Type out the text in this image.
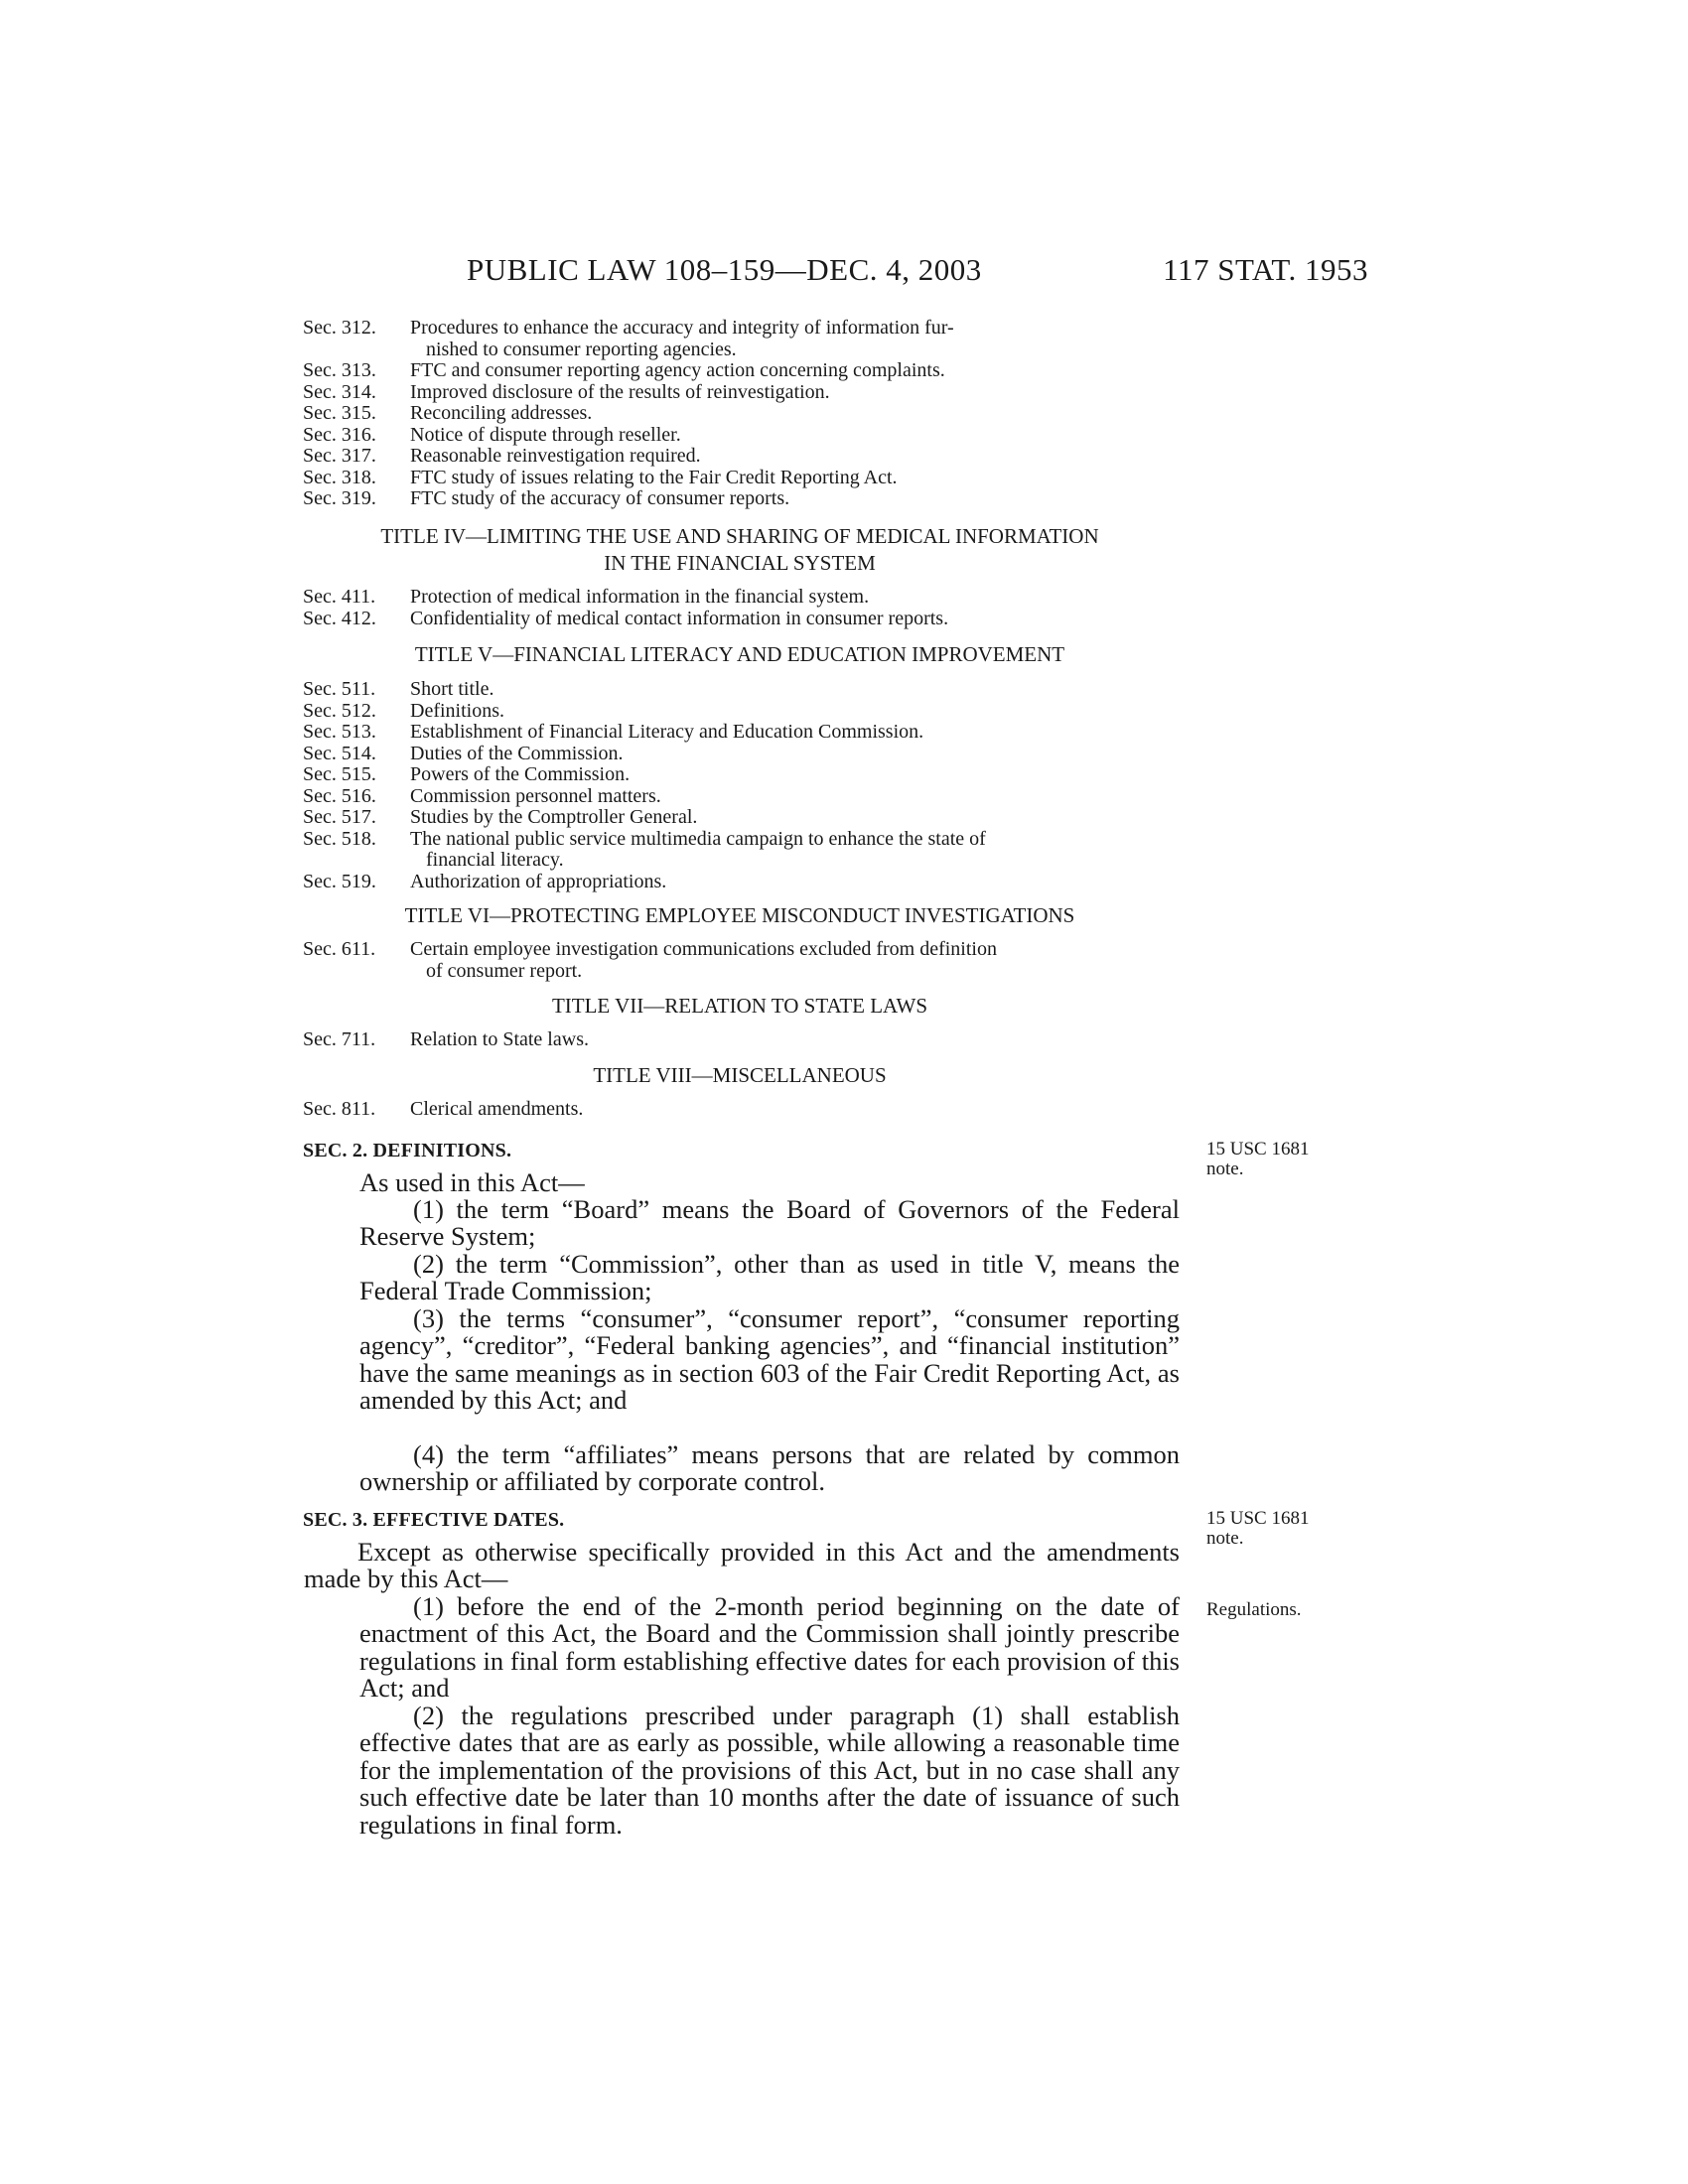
PUBLIC LAW 108–159—DEC. 4, 2003	117 STAT. 1953
Sec. 312.	Procedures to enhance the accuracy and integrity of information fur-
nished to consumer reporting agencies.
Sec. 313.	FTC and consumer reporting agency action concerning complaints.
Sec. 314.	Improved disclosure of the results of reinvestigation.
Sec. 315.	Reconciling addresses.
Sec. 316.	Notice of dispute through reseller.
Sec. 317.	Reasonable reinvestigation required.
Sec. 318.	FTC study of issues relating to the Fair Credit Reporting Act.
Sec. 319.	FTC study of the accuracy of consumer reports.
TITLE IV—LIMITING THE USE AND SHARING OF MEDICAL INFORMATION
IN THE FINANCIAL SYSTEM
Sec. 411.	Protection of medical information in the financial system.
Sec. 412.	Confidentiality of medical contact information in consumer reports.
TITLE V—FINANCIAL LITERACY AND EDUCATION IMPROVEMENT
Sec. 511.	Short title.
Sec. 512.	Definitions.
Sec. 513.	Establishment of Financial Literacy and Education Commission.
Sec. 514.	Duties of the Commission.
Sec. 515.	Powers of the Commission.
Sec. 516.	Commission personnel matters.
Sec. 517.	Studies by the Comptroller General.
Sec. 518.	The national public service multimedia campaign to enhance the state of
financial literacy.
Sec. 519.	Authorization of appropriations.
TITLE VI—PROTECTING EMPLOYEE MISCONDUCT INVESTIGATIONS
Sec. 611.	Certain employee investigation communications excluded from definition
of consumer report.
TITLE VII—RELATION TO STATE LAWS
Sec. 711.	Relation to State laws.
TITLE VIII—MISCELLANEOUS
Sec. 811.	Clerical amendments.
SEC. 2. DEFINITIONS.	15 USC 1681 note.
As used in this Act—
(1) the term “Board” means the Board of Governors of the Federal Reserve System;
(2) the term “Commission”, other than as used in title V, means the Federal Trade Commission;
(3) the terms “consumer”, “consumer report”, “consumer reporting agency”, “creditor”, “Federal banking agencies”, and “financial institution” have the same meanings as in section 603 of the Fair Credit Reporting Act, as amended by this Act; and
(4) the term “affiliates” means persons that are related by common ownership or affiliated by corporate control.
SEC. 3. EFFECTIVE DATES.	15 USC 1681 note.
Except as otherwise specifically provided in this Act and the amendments made by this Act—
(1) before the end of the 2-month period beginning on the date of enactment of this Act, the Board and the Commission shall jointly prescribe regulations in final form establishing effective dates for each provision of this Act; and
Regulations.
(2) the regulations prescribed under paragraph (1) shall establish effective dates that are as early as possible, while allowing a reasonable time for the implementation of the provisions of this Act, but in no case shall any such effective date be later than 10 months after the date of issuance of such regulations in final form.
